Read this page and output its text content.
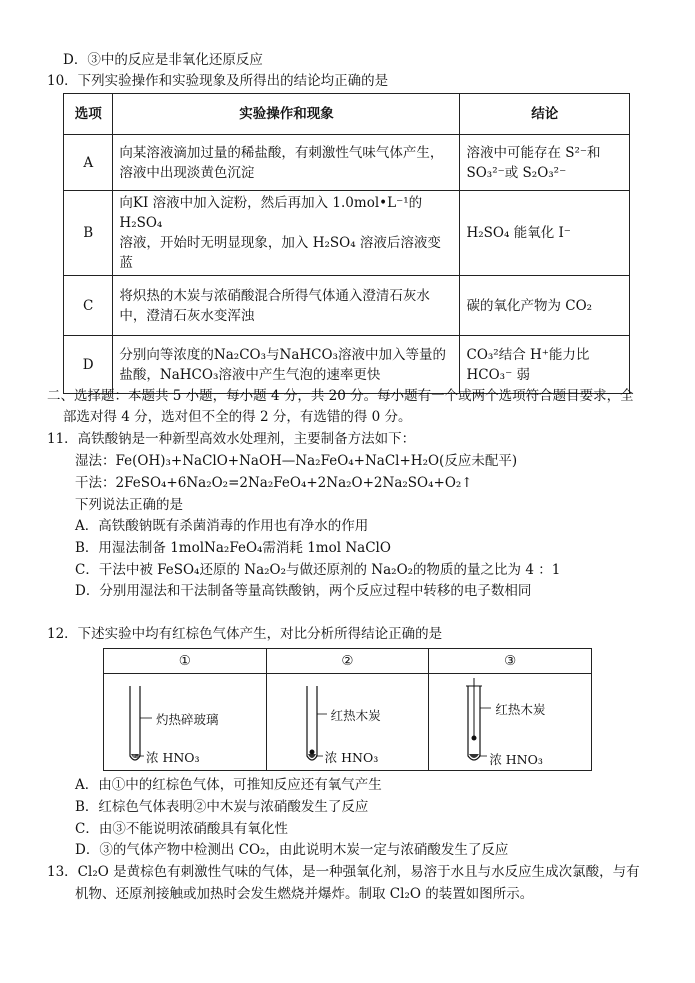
D．③中的反应是非氧化还原反应
10．下列实验操作和实验现象及所得出的结论均正确的是
选项	实验操作和现象	结论
A	向某溶液滴加过量的稀盐酸，有刺激性气味气体产生，
溶液中出现淡黄色沉淀	溶液中可能存在 S²⁻和
SO₃²⁻或 S₂O₃²⁻
B	向KI 溶液中加入淀粉，然后再加入 1.0mol•L⁻¹的H₂SO₄
溶液，开始时无明显现象，加入 H₂SO₄ 溶液后溶液变
蓝	H₂SO₄ 能氧化 I⁻
C	将炽热的木炭与浓硝酸混合所得气体通入澄清石灰水
中，澄清石灰水变浑浊	碳的氧化产物为 CO₂
D	分别向等浓度的Na₂CO₃与NaHCO₃溶液中加入等量的
盐酸，NaHCO₃溶液中产生气泡的速率更快	CO₃²结合 H⁺能力比
HCO₃⁻ 弱
二、选择题：本题共 5 小题，每小题 4 分，共 20 分。每小题有一个或两个选项符合题目要求，全
部选对得 4 分，选对但不全的得 2 分，有选错的得 0 分。
11．高铁酸钠是一种新型高效水处理剂，主要制备方法如下：
湿法：Fe(OH)₃+NaClO+NaOH—Na₂FeO₄+NaCl+H₂O(反应未配平)
干法：2FeSO₄+6Na₂O₂=2Na₂FeO₄+2Na₂O+2Na₂SO₄+O₂↑
下列说法正确的是
A．高铁酸钠既有杀菌消毒的作用也有净水的作用
B．用湿法制备 1molNa₂FeO₄需消耗 1mol NaClO
C．干法中被 FeSO₄还原的 Na₂O₂与做还原剂的 Na₂O₂的物质的量之比为 4 ：1
D．分别用湿法和干法制备等量高铁酸钠，两个反应过程中转移的电子数相同
12．下述实验中均有红棕色气体产生，对比分析所得结论正确的是
①	②	③

灼热碎玻璃
浓 HNO₃	红热木炭
浓 HNO₃	红热木炭
浓 HNO₃
A．由①中的红棕色气体，可推知反应还有氧气产生
B．红棕色气体表明②中木炭与浓硝酸发生了反应
C．由③不能说明浓硝酸具有氧化性
D．③的气体产物中检测出 CO₂，由此说明木炭一定与浓硝酸发生了反应
13．Cl₂O 是黄棕色有刺激性气味的气体，是一种强氧化剂，易溶于水且与水反应生成次氯酸，与有
机物、还原剂接触或加热时会发生燃烧并爆炸。制取 Cl₂O 的装置如图所示。
